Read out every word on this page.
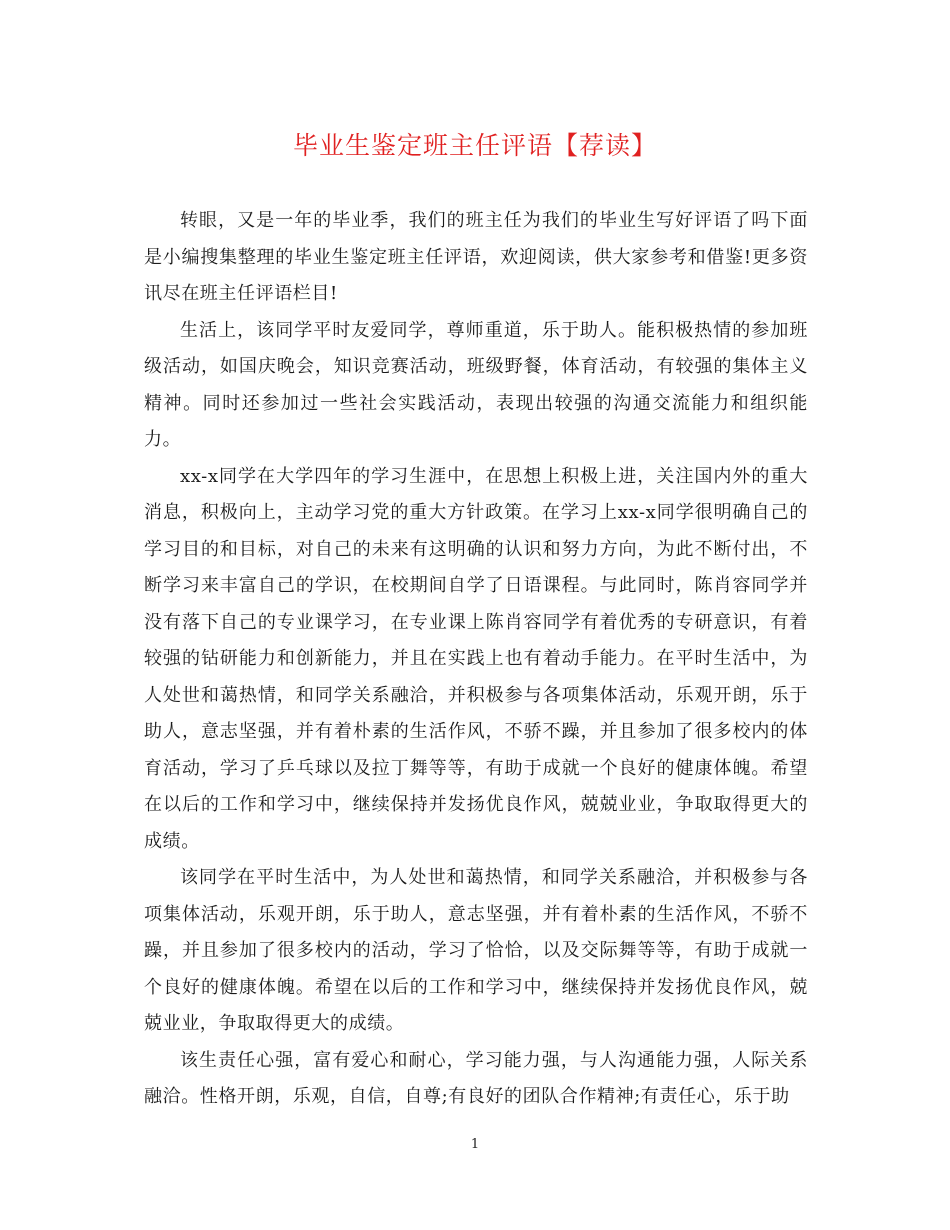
毕业生鉴定班主任评语【荐读】

转眼，又是一年的毕业季，我们的班主任为我们的毕业生写好评语了吗下面是小编搜集整理的毕业生鉴定班主任评语，欢迎阅读，供大家参考和借鉴!更多资讯尽在班主任评语栏目!

生活上，该同学平时友爱同学，尊师重道，乐于助人。能积极热情的参加班级活动，如国庆晚会，知识竞赛活动，班级野餐，体育活动，有较强的集体主义精神。同时还参加过一些社会实践活动，表现出较强的沟通交流能力和组织能力。

xx-x同学在大学四年的学习生涯中，在思想上积极上进，关注国内外的重大消息，积极向上，主动学习党的重大方针政策。在学习上xx-x同学很明确自己的学习目的和目标，对自己的未来有这明确的认识和努力方向，为此不断付出，不断学习来丰富自己的学识，在校期间自学了日语课程。与此同时，陈肖容同学并没有落下自己的专业课学习，在专业课上陈肖容同学有着优秀的专研意识，有着较强的钻研能力和创新能力，并且在实践上也有着动手能力。在平时生活中，为人处世和蔼热情，和同学关系融洽，并积极参与各项集体活动，乐观开朗，乐于助人，意志坚强，并有着朴素的生活作风，不骄不躁，并且参加了很多校内的体育活动，学习了乒乓球以及拉丁舞等等，有助于成就一个良好的健康体魄。希望在以后的工作和学习中，继续保持并发扬优良作风，兢兢业业，争取取得更大的成绩。

该同学在平时生活中，为人处世和蔼热情，和同学关系融洽，并积极参与各项集体活动，乐观开朗，乐于助人，意志坚强，并有着朴素的生活作风，不骄不躁，并且参加了很多校内的活动，学习了恰恰，以及交际舞等等，有助于成就一个良好的健康体魄。希望在以后的工作和学习中，继续保持并发扬优良作风，兢兢业业，争取取得更大的成绩。

该生责任心强，富有爱心和耐心，学习能力强，与人沟通能力强，人际关系融洽。性格开朗，乐观，自信，自尊;有良好的团队合作精神;有责任心，乐于助

1
